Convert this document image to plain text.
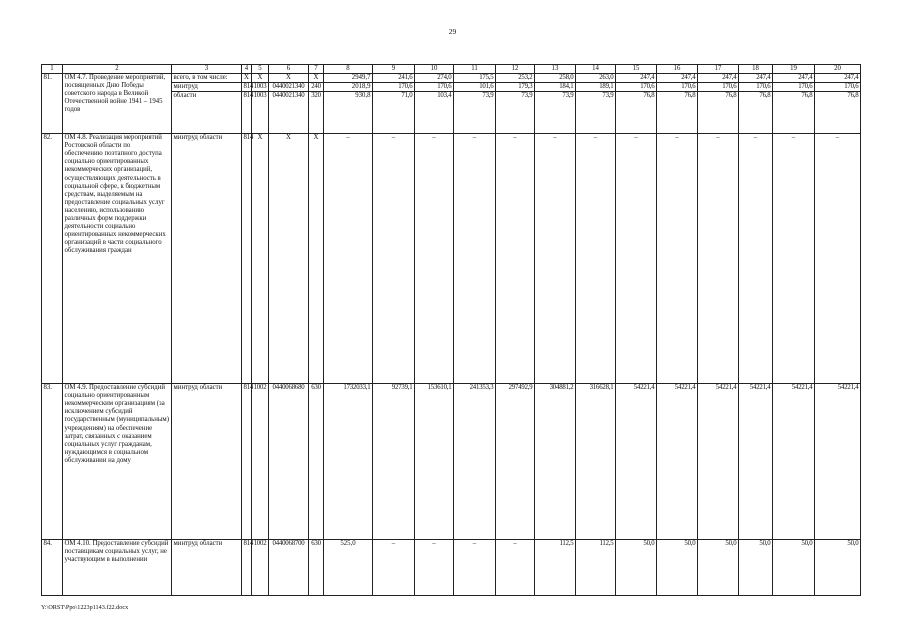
29
1	2	3	4	5	6	7	8	9	10	11	12	13	14	15	16	17	18	19	20
81.	ОМ 4.7. Проведение мероприятий, посвященных Дню Победы советского народа в Великой Отечественной войне 1941 – 1945 годов	всего, в том числе:	Х	Х	Х	Х	2949,7	241,6	274,0	175,5	253,2	258,0	263,0	247,4	247,4	247,4	247,4	247,4	247,4
		минтруд	814	1003	0440021340	240	2018,9	170,6	170,6	101,6	179,3	184,1	189,1	170,6	170,6	170,6	170,6	170,6	170,6
		области	814	1003	0440021340	320	930,8	71,0	103,4	73,9	73,9	73,9	73,9	76,8	76,8	76,8	76,8	76,8	76,8
82.	ОМ 4.8. Реализация мероприятий Ростовской области по обеспечению поэтапного доступа социально ориентированных некоммерческих организаций, осуществляющих деятельность в социальной сфере, к бюджетным средствам, выделяемым на предоставление социальных услуг населению, использованию различных форм поддержки деятельности социально ориентированных некоммерческих организаций в части социального обслуживания граждан	минтруд области	814	Х	Х	Х	–	–	–	–	–	–	–	–	–	–	–	–	–
83.	ОМ 4.9. Предоставление субсидий социально ориентированным некоммерческим организациям (за исключением субсидий государственным (муниципальным) учреждениям) на обеспечение затрат, связанных с оказанием социальных услуг гражданам, нуждающимся в социальном обслуживании на дому	минтруд области	814	1002	0440068680	630	1732033,1	92739,1	153610,1	241353,3	297492,9	304881,2	316628,1	54221,4	54221,4	54221,4	54221,4	54221,4	54221,4
84.	ОМ 4.10. Предоставление субсидий поставщикам социальных услуг, не участвующим в выполнении	минтруд области	814	1002	0440068700	630	525,0	–	–	–	–	112,5	112,5	50,0	50,0	50,0	50,0	50,0	50,0
Y:\ORST\Ppo\1223p1143.f22.docx
